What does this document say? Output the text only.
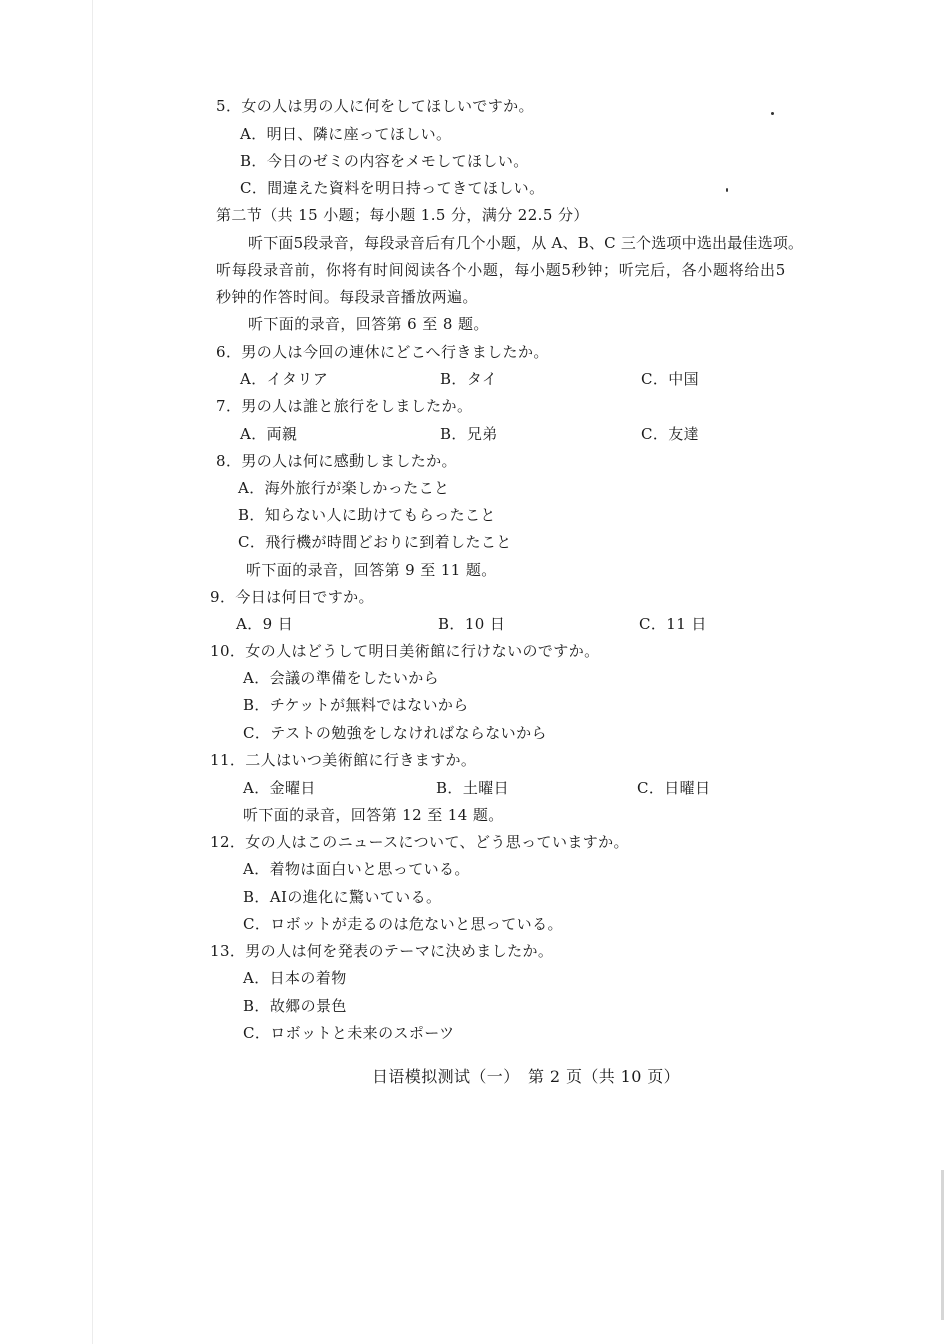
5．女の人は男の人に何をしてほしいですか。
A．明日、隣に座ってほしい。
B．今日のゼミの内容をメモしてほしい。
C．間違えた資料を明日持ってきてほしい。
第二节（共 15 小题；每小题 1.5 分，满分 22.5 分）
听下面5段录音，每段录音后有几个小题，从 A、B、C 三个选项中选出最佳选项。
听每段录音前，你将有时间阅读各个小题，每小题5秒钟；听完后，各小题将给出5
秒钟的作答时间。每段录音播放两遍。
听下面的录音，回答第 6 至 8 题。
6．男の人は今回の連休にどこへ行きましたか。
A．イタリア	B．タイ	C．中国
7．男の人は誰と旅行をしましたか。
A．両親	B．兄弟	C．友達
8．男の人は何に感動しましたか。
A．海外旅行が楽しかったこと
B．知らない人に助けてもらったこと
C．飛行機が時間どおりに到着したこと
听下面的录音，回答第 9 至 11 题。
9．今日は何日ですか。
A．9 日	B．10 日	C．11 日
10．女の人はどうして明日美術館に行けないのですか。
A．会議の準備をしたいから
B．チケットが無料ではないから
C．テストの勉強をしなければならないから
11．二人はいつ美術館に行きますか。
A．金曜日	B．土曜日	C．日曜日
听下面的录音，回答第 12 至 14 题。
12．女の人はこのニュースについて、どう思っていますか。
A．着物は面白いと思っている。
B．AIの進化に驚いている。
C．ロボットが走るのは危ないと思っている。
13．男の人は何を発表のテーマに決めましたか。
A．日本の着物
B．故郷の景色
C．ロボットと未来のスポーツ
日语模拟测试（一）　第 2 页（共 10 页）
